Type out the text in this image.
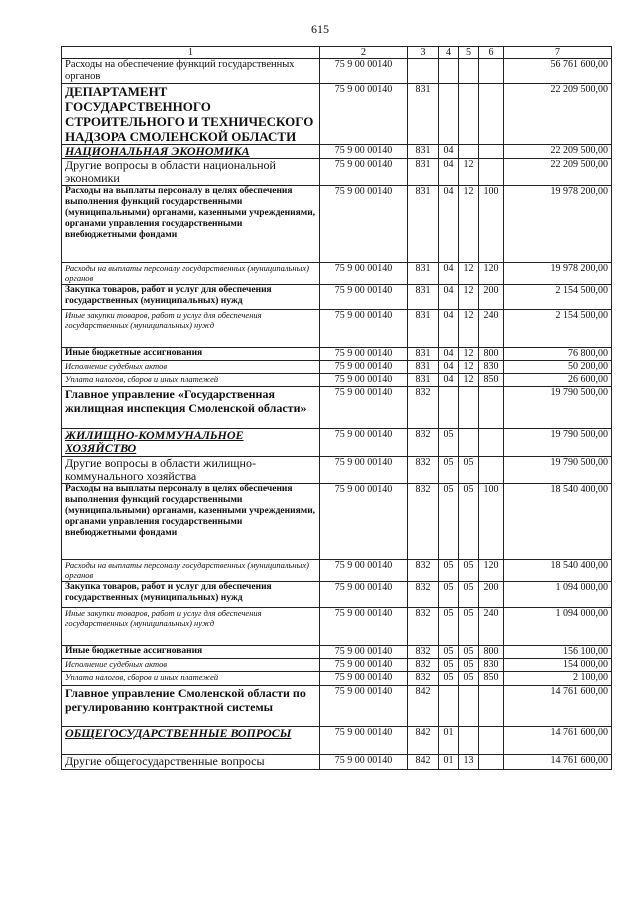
615
1	2	3	4	5	6	7
Расходы на обеспечение функций государственных органов	75 9 00 00140					56 761 600,00
ДЕПАРТАМЕНТ ГОСУДАРСТВЕННОГО СТРОИТЕЛЬНОГО И ТЕХНИЧЕСКОГО НАДЗОРА СМОЛЕНСКОЙ ОБЛАСТИ	75 9 00 00140	831				22 209 500,00
НАЦИОНАЛЬНАЯ ЭКОНОМИКА	75 9 00 00140	831	04			22 209 500,00
Другие вопросы в области национальной экономики	75 9 00 00140	831	04	12		22 209 500,00
Расходы на выплаты персоналу в целях обеспечения выполнения функций государственными (муниципальными) органами, казенными учреждениями, органами управления государственными внебюджетными фондами	75 9 00 00140	831	04	12	100	19 978 200,00
Расходы на выплаты персоналу государственных (муниципальных) органов	75 9 00 00140	831	04	12	120	19 978 200,00
Закупка товаров, работ и услуг для обеспечения государственных (муниципальных) нужд	75 9 00 00140	831	04	12	200	2 154 500,00
Иные закупки товаров, работ и услуг для обеспечения государственных (муниципальных) нужд	75 9 00 00140	831	04	12	240	2 154 500,00
Иные бюджетные ассигнования	75 9 00 00140	831	04	12	800	76 800,00
Исполнение судебных актов	75 9 00 00140	831	04	12	830	50 200,00
Уплата налогов, сборов и иных платежей	75 9 00 00140	831	04	12	850	26 600,00
Главное управление «Государственная жилищная инспекция Смоленской области»	75 9 00 00140	832				19 790 500,00
ЖИЛИЩНО-КОММУНАЛЬНОЕ ХОЗЯЙСТВО	75 9 00 00140	832	05			19 790 500,00
Другие вопросы в области жилищно-коммунального хозяйства	75 9 00 00140	832	05	05		19 790 500,00
Расходы на выплаты персоналу в целях обеспечения выполнения функций государственными (муниципальными) органами, казенными учреждениями, органами управления государственными внебюджетными фондами	75 9 00 00140	832	05	05	100	18 540 400,00
Расходы на выплаты персоналу государственных (муниципальных) органов	75 9 00 00140	832	05	05	120	18 540 400,00
Закупка товаров, работ и услуг для обеспечения государственных (муниципальных) нужд	75 9 00 00140	832	05	05	200	1 094 000,00
Иные закупки товаров, работ и услуг для обеспечения государственных (муниципальных) нужд	75 9 00 00140	832	05	05	240	1 094 000,00
Иные бюджетные ассигнования	75 9 00 00140	832	05	05	800	156 100,00
Исполнение судебных актов	75 9 00 00140	832	05	05	830	154 000,00
Уплата налогов, сборов и иных платежей	75 9 00 00140	832	05	05	850	2 100,00
Главное управление Смоленской области по регулированию контрактной системы	75 9 00 00140	842				14 761 600,00
ОБЩЕГОСУДАРСТВЕННЫЕ ВОПРОСЫ	75 9 00 00140	842	01			14 761 600,00
Другие общегосударственные вопросы	75 9 00 00140	842	01	13		14 761 600,00
